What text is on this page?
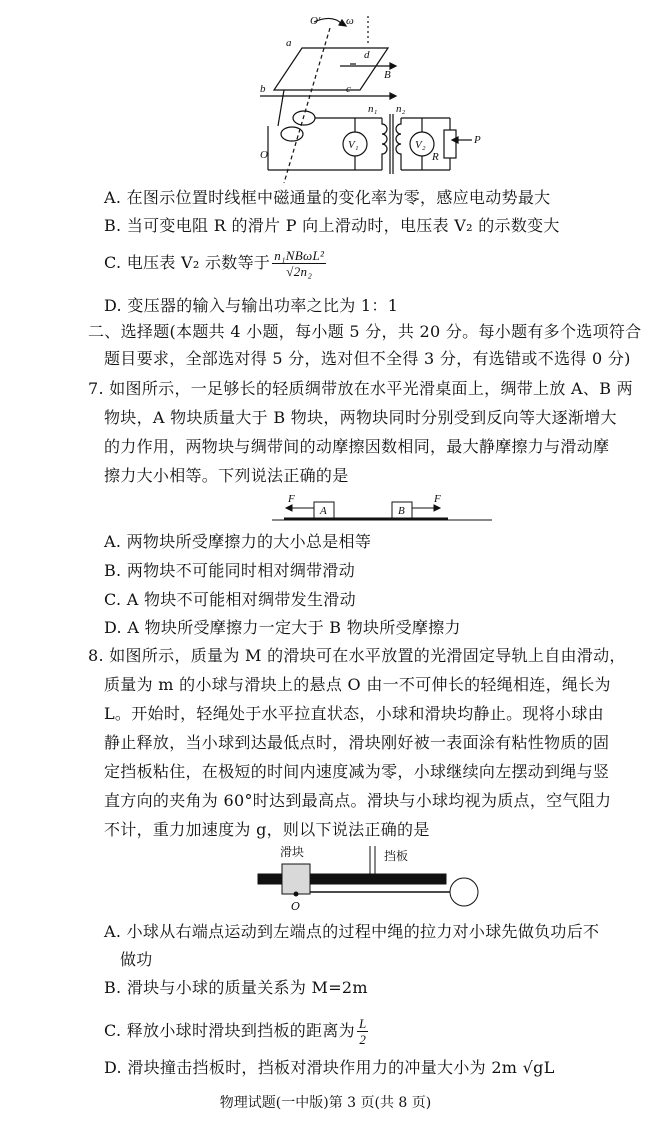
O′ ω
a
d
B
b	c
O
n₁ n₂
V₁	V₂
R
P
A. 在图示位置时线框中磁通量的变化率为零，感应电动势最大
B. 当可变电阻 R 的滑片 P 向上滑动时，电压表 V₂ 的示数变大
C. 电压表 V₂ 示数等于 $\frac{\text{n₁NBωL²}}{\text{√2n₂}}$
D. 变压器的输入与输出功率之比为 1：1
二、选择题(本题共 4 小题，每小题 5 分，共 20 分。每小题有多个选项符合
题目要求，全部选对得 5 分，选对但不全得 3 分，有选错或不选得 0 分)
7. 如图所示，一足够长的轻质绸带放在水平光滑桌面上，绸带上放 A、B 两
物块，A 物块质量大于 B 物块，两物块同时分别受到反向等大逐渐增大
的力作用，两物块与绸带间的动摩擦因数相同，最大静摩擦力与滑动摩
擦力大小相等。下列说法正确的是
A	B
F	F
A. 两物块所受摩擦力的大小总是相等
B. 两物块不可能同时相对绸带滑动
C. A 物块不可能相对绸带发生滑动
D. A 物块所受摩擦力一定大于 B 物块所受摩擦力
8. 如图所示，质量为 M 的滑块可在水平放置的光滑固定导轨上自由滑动，
质量为 m 的小球与滑块上的悬点 O 由一不可伸长的轻绳相连，绳长为
L。开始时，轻绳处于水平拉直状态，小球和滑块均静止。现将小球由
静止释放，当小球到达最低点时，滑块刚好被一表面涂有粘性物质的固
定挡板粘住，在极短的时间内速度减为零，小球继续向左摆动到绳与竖
直方向的夹角为 60°时达到最高点。滑块与小球均视为质点，空气阻力
不计，重力加速度为 g，则以下说法正确的是
滑块	挡板
O
A. 小球从右端点运动到左端点的过程中绳的拉力对小球先做负功后不
做功
B. 滑块与小球的质量关系为 M=2m
C. 释放小球时滑块到挡板的距离为 $\frac{L}{2}$
D. 滑块撞击挡板时，挡板对滑块作用力的冲量大小为 2m √gL
物理试题(一中版)第 3 页(共 8 页)
